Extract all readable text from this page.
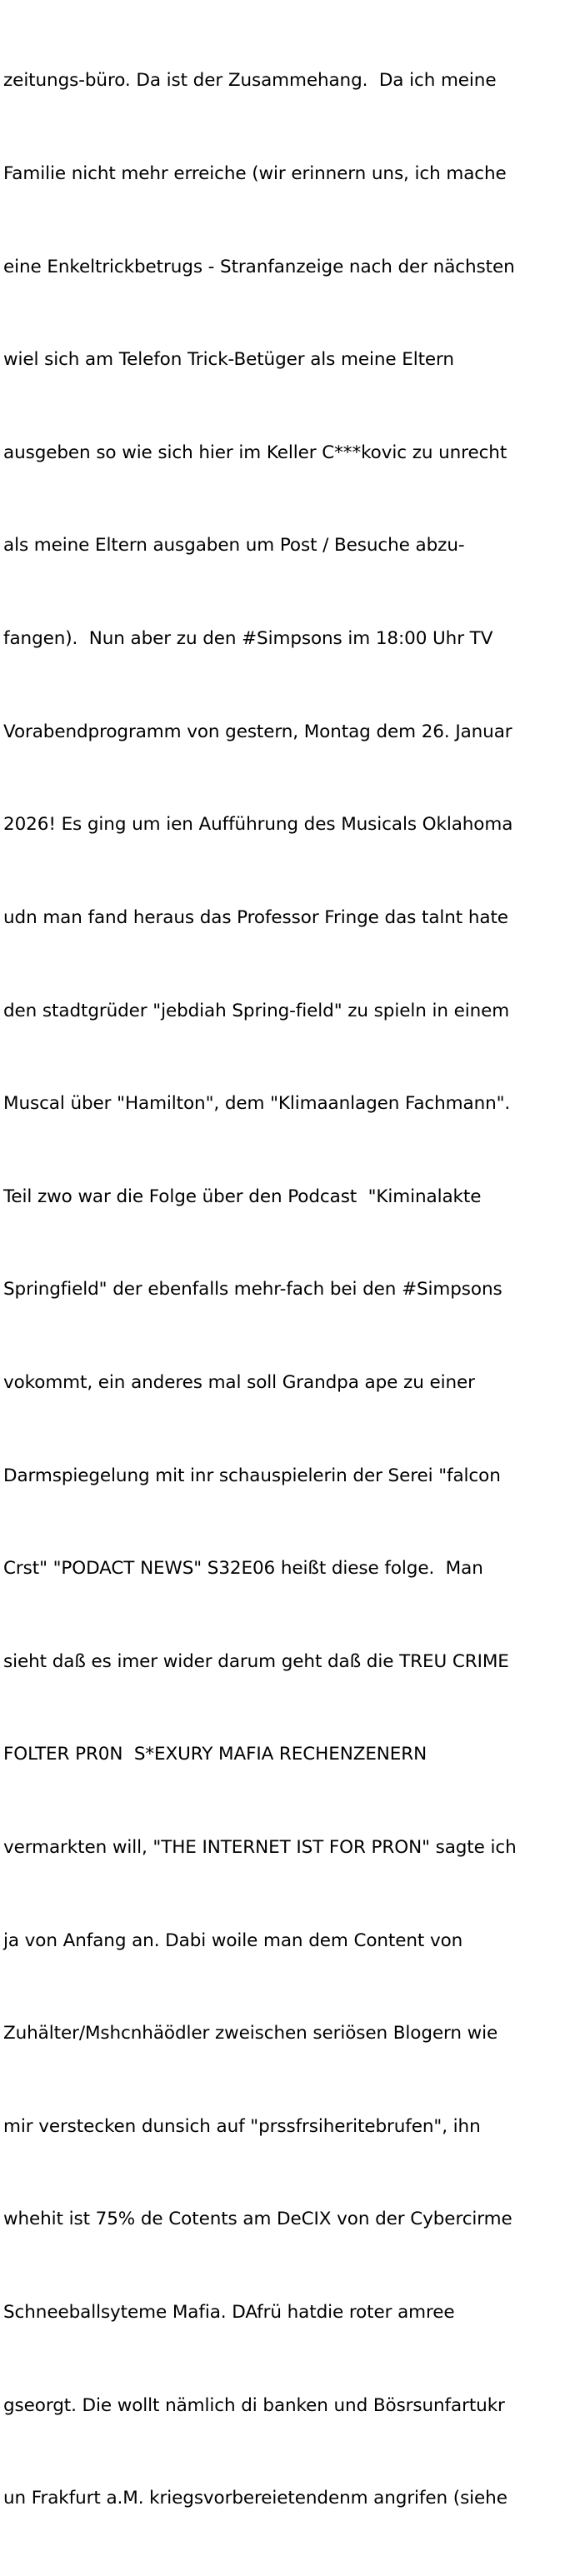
zeitungs-büro. Da ist der Zusammehang.  Da ich meine

Familie nicht mehr erreiche (wir erinnern uns, ich mache

eine Enkeltrickbetrugs - Stranfanzeige nach der nächsten

wiel sich am Telefon Trick-Betüger als meine Eltern

ausgeben so wie sich hier im Keller C***kovic zu unrecht

als meine Eltern ausgaben um Post / Besuche abzu-

fangen).  Nun aber zu den #Simpsons im 18:00 Uhr TV

Vorabendprogramm von gestern, Montag dem 26. Januar

2026! Es ging um ien Aufführung des Musicals Oklahoma

udn man fand heraus das Professor Fringe das talnt hate

den stadtgrüder "jebdiah Spring-field" zu spieln in einem

Muscal über "Hamilton", dem "Klimaanlagen Fachmann".

Teil zwo war die Folge über den Podcast  "Kiminalakte

Springfield" der ebenfalls mehr-fach bei den #Simpsons

vokommt, ein anderes mal soll Grandpa ape zu einer

Darmspiegelung mit inr schauspielerin der Serei "falcon

Crst" "PODACT NEWS" S32E06 heißt diese folge.  Man

sieht daß es imer wider darum geht daß die TREU CRIME

FOLTER PR0N  S*EXURY MAFIA RECHENZENERN

vermarkten will, "THE INTERNET IST FOR PRON" sagte ich

ja von Anfang an. Dabi woile man dem Content von

Zuhälter/Mshcnhäödler zweischen seriösen Blogern wie

mir verstecken dunsich auf "prssfrsiheritebrufen", ihn

whehit ist 75% de Cotents am DeCIX von der Cybercirme

Schneeballsyteme Mafia. DAfrü hatdie roter amree

gseorgt. Die wollt nämlich di banken und Bösrsunfartukr

un Frakfurt a.M. kriegsvorbereietendenm angrifen (siehe
